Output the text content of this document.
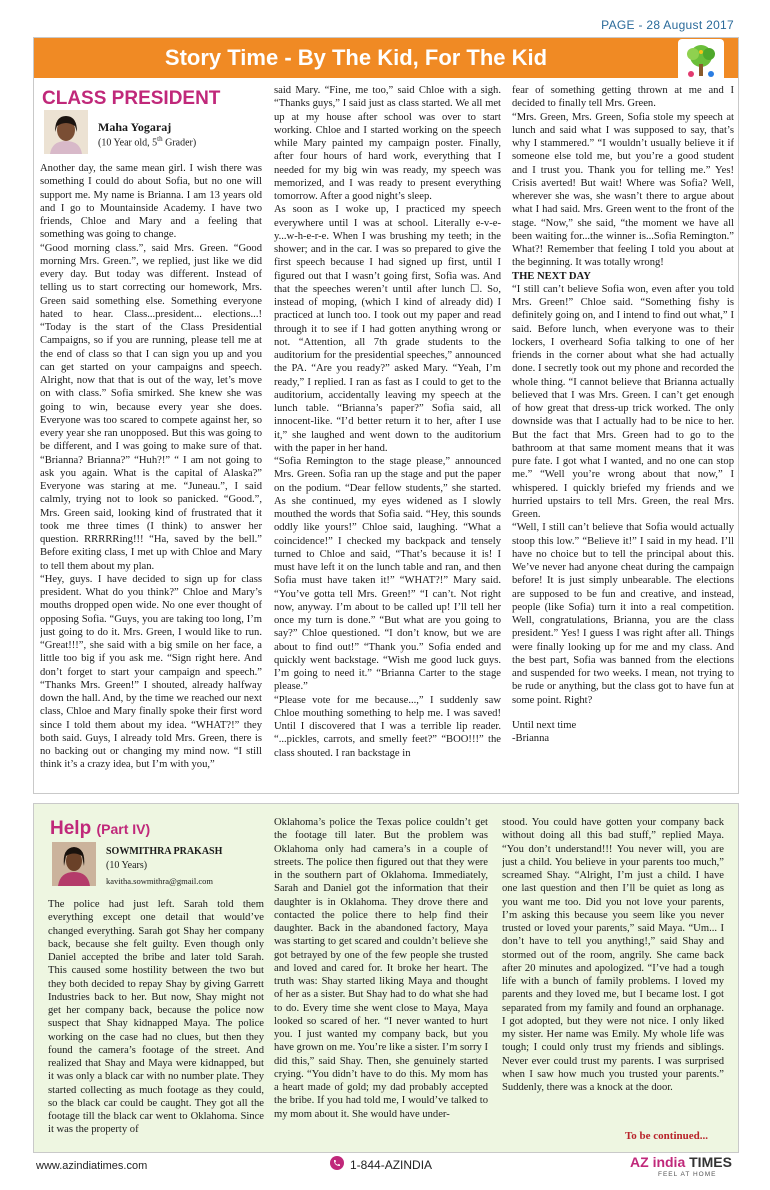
PAGE - 28 August 2017
Story Time - By The Kid, For The Kid
CLASS PRESIDENT
Maha Yogaraj
(10 Year old, 5th Grader)

Another day, the same mean girl. I wish there was something I could do about Sofia, but no one will support me. My name is Brianna. I am 13 years old and I go to Mountainside Academy. I have two friends, Chloe and Mary and a feeling that something was going to change.

“Good morning class.”, said Mrs. Green. “Good morning Mrs. Green.”, we replied, just like we did every day. But today was different. Instead of telling us to start correcting our homework, Mrs. Green said something else. Something everyone hated to hear. Class...president... elections...! “Today is the start of the Class Presidential Campaigns, so if you are running, please tell me at the end of class so that I can sign you up and you can get started on your campaigns and speech. Alright, now that that is out of the way, let’s move on with class.” Sofia smirked. She knew she was going to win, because every year she does. Everyone was too scared to compete against her, so every year she ran unopposed. But this was going to be different, and I was going to make sure of that. “Brianna? Brianna?” “Huh?!” “ I am not going to ask you again. What is the capital of Alaska?” Everyone was staring at me. “Juneau.”, I said calmly, trying not to look so panicked. “Good.”, Mrs. Green said, looking kind of frustrated that it took me three times (I think) to answer her question. RRRRRing!!! “Ha, saved by the bell.” Before exiting class, I met up with Chloe and Mary to tell them about my plan.

“Hey, guys. I have decided to sign up for class president. What do you think?” Chloe and Mary’s mouths dropped open wide. No one ever thought of opposing Sofia. “Guys, you are taking too long, I’m just going to do it. Mrs. Green, I would like to run. “Great!!!”, she said with a big smile on her face, a little too big if you ask me. “Sign right here. And don’t forget to start your campaign and speech.” “Thanks Mrs. Green!” I shouted, already halfway down the hall. And, by the time we reached our next class, Chloe and Mary finally spoke their first word since I told them about my idea. “WHAT?!” they both said. Guys, I already told Mrs. Green, there is no backing out or changing my mind now. “I still think it’s a crazy idea, but I’m with you,”

said Mary. “Fine, me too,” said Chloe with a sigh. “Thanks guys,” I said just as class started. We all met up at my house after school was over to start working. Chloe and I started working on the speech while Mary painted my campaign poster. Finally, after four hours of hard work, everything that I needed for my big win was ready, my speech was memorized, and I was ready to present everything tomorrow. After a good night’s sleep.

As soon as I woke up, I practiced my speech everywhere until I was at school. Literally e-v-e-y...w-h-e-r-e. When I was brushing my teeth; in the shower; and in the car. I was so prepared to give the first speech because I had signed up first, until I figured out that I wasn’t going first, Sofia was. And that the speeches weren’t until after lunch ☐. So, instead of moping, (which I kind of already did) I practiced at lunch too. I took out my paper and read through it to see if I had gotten anything wrong or not. “Attention, all 7th grade students to the auditorium for the presidential speeches,” announced the PA. “Are you ready?” asked Mary. “Yeah, I’m ready,” I replied. I ran as fast as I could to get to the auditorium, accidentally leaving my speech at the lunch table. “Brianna’s paper?” Sofia said, all innocent-like. “I’d better return it to her, after I use it,” she laughed and went down to the auditorium with the paper in her hand.

“Sofia Remington to the stage please,” announced Mrs. Green. Sofia ran up the stage and put the paper on the podium. “Dear fellow students,” she started. As she continued, my eyes widened as I slowly mouthed the words that Sofia said. “Hey, this sounds oddly like yours!” Chloe said, laughing. “What a coincidence!” I checked my backpack and tensely turned to Chloe and said, “That’s because it is! I must have left it on the lunch table and ran, and then Sofia must have taken it!” “WHAT?!” Mary said. “You’ve gotta tell Mrs. Green!” “I can’t. Not right now, anyway. I’m about to be called up! I’ll tell her once my turn is done.” “But what are you going to say?” Chloe questioned. “I don’t know, but we are about to find out!” “Thank you.” Sofia ended and quickly went backstage. “Wish me good luck guys. I’m going to need it.” “Brianna Carter to the stage please.”

“Please vote for me because...,” I suddenly saw Chloe mouthing something to help me. I was saved! Until I discovered that I was a terrible lip reader. “...pickles, carrots, and smelly feet?” “BOO!!!” the class shouted. I ran backstage in

fear of something getting thrown at me and I decided to finally tell Mrs. Green.

“Mrs. Green, Mrs. Green, Sofia stole my speech at lunch and said what I was supposed to say, that’s why I stammered.” “I wouldn’t usually believe it if someone else told me, but you’re a good student and I trust you. Thank you for telling me.” Yes! Crisis averted! But wait! Where was Sofia? Well, wherever she was, she wasn’t there to argue about what I had said. Mrs. Green went to the front of the stage. “Now,” she said, “the moment we have all been waiting for...the winner is...Sofia Remington.” What?! Remember that feeling I told you about at the beginning. It was totally wrong!

THE NEXT DAY

“I still can’t believe Sofia won, even after you told Mrs. Green!” Chloe said. “Something fishy is definitely going on, and I intend to find out what,” I said. Before lunch, when everyone was to their lockers, I overheard Sofia talking to one of her friends in the corner about what she had actually done. I secretly took out my phone and recorded the whole thing. “I cannot believe that Brianna actually believed that I was Mrs. Green. I can’t get enough of how great that dress-up trick worked. The only downside was that I actually had to be nice to her. But the fact that Mrs. Green had to go to the bathroom at that same moment means that it was pure fate. I got what I wanted, and no one can stop me.” “Well you’re wrong about that now,” I whispered. I quickly briefed my friends and we hurried upstairs to tell Mrs. Green, the real Mrs. Green.

“Well, I still can’t believe that Sofia would actually stoop this low.” “Believe it!” I said in my head. I’ll have no choice but to tell the principal about this. We’ve never had anyone cheat during the campaign before! It is just simply unbearable. The elections are supposed to be fun and creative, and instead, people (like Sofia) turn it into a real competition. Well, congratulations, Brianna, you are the class president.” Yes! I guess I was right after all. Things were finally looking up for me and my class. And the best part, Sofia was banned from the elections and suspended for two weeks. I mean, not trying to be rude or anything, but the class got to have fun at some point. Right?

Until next time

-Brianna

Help (Part IV)
SOWMITHRA PRAKASH
(10 Years)
kavitha.sowmithra@gmail.com

The police had just left. Sarah told them everything except one detail that would’ve changed everything. Sarah got Shay her company back, because she felt guilty. Even though only Daniel accepted the bribe and later told Sarah. This caused some hostility between the two but they both decided to repay Shay by giving Garrett Industries back to her. But now, Shay might not get her company back, because the police now suspect that Shay kidnapped Maya. The police working on the case had no clues, but then they found the camera’s footage of the street. And realized that Shay and Maya were kidnapped, but it was only a black car with no number plate. They started collecting as much footage as they could, so the black car could be caught. They got all the footage till the black car went to Oklahoma. Since it was the property of

Oklahoma’s police the Texas police couldn’t get the footage till later. But the problem was Oklahoma only had camera’s in a couple of streets. The police then figured out that they were in the southern part of Oklahoma. Immediately, Sarah and Daniel got the information that their daughter is in Oklahoma. They drove there and contacted the police there to help find their daughter. Back in the abandoned factory, Maya was starting to get scared and couldn’t believe she got betrayed by one of the few people she trusted and loved and cared for. It broke her heart. The truth was: Shay started liking Maya and thought of her as a sister. But Shay had to do what she had to do. Every time she went close to Maya, Maya looked so scared of her. “I never wanted to hurt you. I just wanted my company back, but you have grown on me. You’re like a sister. I’m sorry I did this,” said Shay. Then, she genuinely started crying. “You didn’t have to do this. My mom has a heart made of gold; my dad probably accepted the bribe. If you had told me, I would’ve talked to my mom about it. She would have under-

stood. You could have gotten your company back without doing all this bad stuff,” replied Maya. “You don’t understand!!! You never will, you are just a child. You believe in your parents too much,” screamed Shay. “Alright, I’m just a child. I have one last question and then I’ll be quiet as long as you want me too. Did you not love your parents, I’m asking this because you seem like you never trusted or loved your parents,” said Maya. “Um... I don’t have to tell you anything!,” said Shay and stormed out of the room, angrily. She came back after 20 minutes and apologized. “I’ve had a tough life with a bunch of family problems. I loved my parents and they loved me, but I became lost. I got separated from my family and found an orphanage. I got adopted, but they were not nice. I only liked my sister. Her name was Emily. My whole life was tough; I could only trust my friends and siblings. Never ever could trust my parents. I was surprised when I saw how much you trusted your parents.” Suddenly, there was a knock at the door.

To be continued...
www.azindiatimes.com	1-844-AZINDIA	AZ india TIMES
FEEL AT HOME
